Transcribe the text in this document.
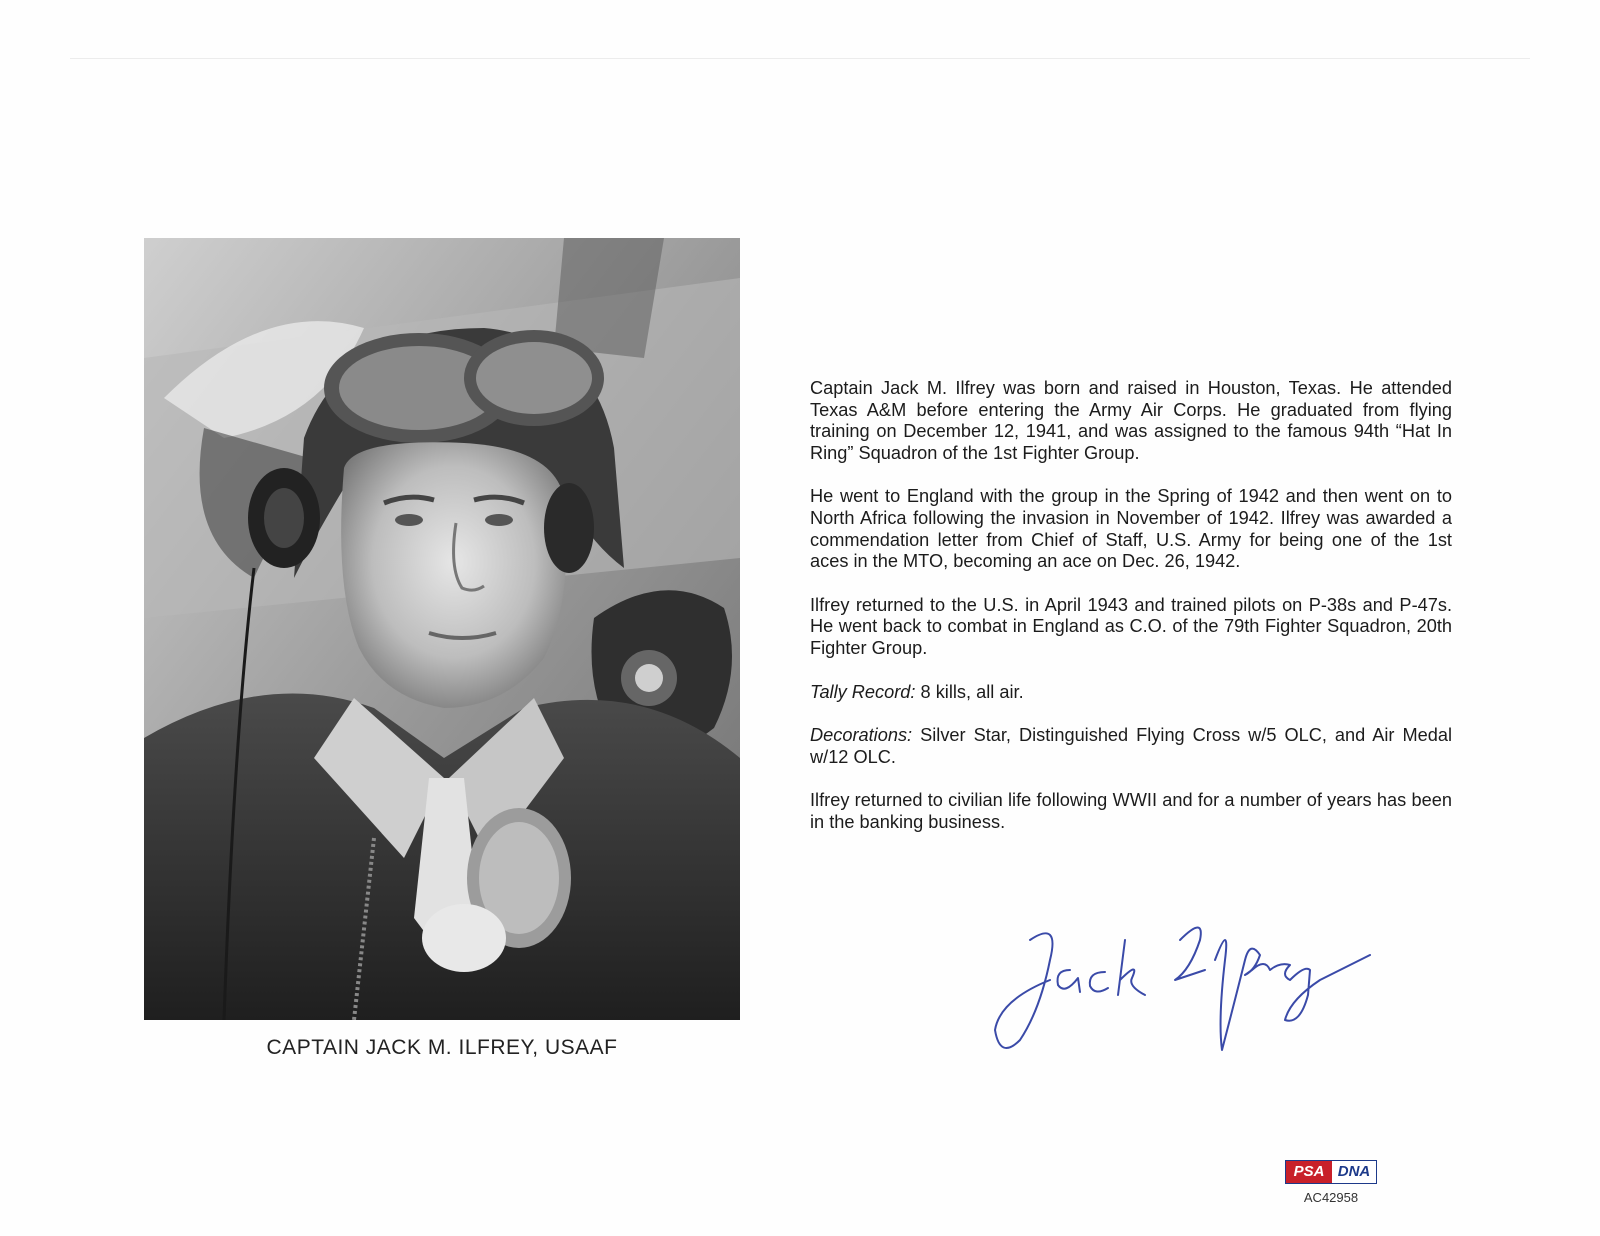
CAPTAIN JACK M. ILFREY, USAAF

Captain Jack M. Ilfrey was born and raised in Houston, Texas. He attended Texas A&M before entering the Army Air Corps. He graduated from flying training on December 12, 1941, and was assigned to the famous 94th “Hat In Ring” Squadron of the 1st Fighter Group.

He went to England with the group in the Spring of 1942 and then went on to North Africa following the invasion in November of 1942. Ilfrey was awarded a commendation letter from Chief of Staff, U.S. Army for being one of the 1st aces in the MTO, becoming an ace on Dec. 26, 1942.

Ilfrey returned to the U.S. in April 1943 and trained pilots on P-38s and P-47s. He went back to combat in England as C.O. of the 79th Fighter Squadron, 20th Fighter Group.

Tally Record: 8 kills, all air.

Decorations: Silver Star, Distinguished Flying Cross w/5 OLC, and Air Medal w/12 OLC.

Ilfrey returned to civilian life following WWII and for a number of years has been in the banking business.

PSA DNA
AC42958
